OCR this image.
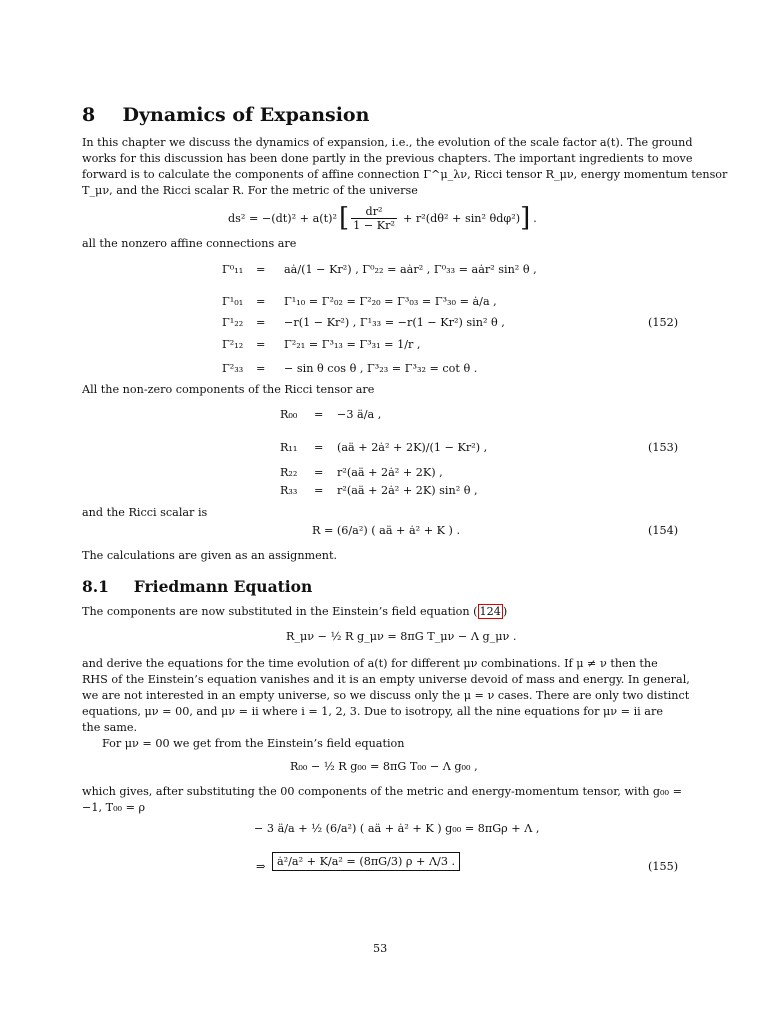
8 Dynamics of Expansion
In this chapter we discuss the dynamics of expansion, i.e., the evolution of the scale factor a(t). The ground
works for this discussion has been done partly in the previous chapters. The important ingredients to move
forward is to calculate the components of affine connection Γ^μ_λν, Ricci tensor R_μν, energy momentum tensor
T_μν, and the Ricci scalar R. For the metric of the universe
ds² = −(dt)² + a(t)² [ $\frac{\text{dr²}}{\text{1 − Kr²}} + r^2(d\theta^2 + \sin^2$ θdφ²) ] .
all the nonzero affine connections are
Γ⁰₁₁ = aȧ/(1 − Kr²) , Γ⁰₂₂ = aȧr² , Γ⁰₃₃ = aȧr² sin² θ ,
Γ¹₀₁ = Γ¹₁₀ = Γ²₀₂ = Γ²₂₀ = Γ³₀₃ = Γ³₃₀ = ȧ/a ,
Γ¹₂₂ = −r(1 − Kr²) , Γ¹₃₃ = −r(1 − Kr²) sin² θ ,	(152)
Γ²₁₂ = Γ²₂₁ = Γ³₁₃ = Γ³₃₁ = 1/r ,
Γ²₃₃ = − sin θ cos θ , Γ³₂₃ = Γ³₃₂ = cot θ .
All the non-zero components of the Ricci tensor are
R₀₀ = −3 ä/a ,
R₁₁ = (aä + 2ȧ² + 2K)/(1 − Kr²) ,	(153)
R₂₂ = r²(aä + 2ȧ² + 2K) ,
R₃₃ = r²(aä + 2ȧ² + 2K) sin² θ ,
and the Ricci scalar is
R = (6/a²) ( aä + ȧ² + K ) .	(154)
The calculations are given as an assignment.
8.1 Friedmann Equation
The components are now substituted in the Einstein’s field equation ( 124 )
R_μν − ½ R g_μν = 8πG T_μν − Λ g_μν .
and derive the equations for the time evolution of a(t) for different μν combinations. If μ ≠ ν then the
RHS of the Einstein’s equation vanishes and it is an empty universe devoid of mass and energy. In general,
we are not interested in an empty universe, so we discuss only the μ = ν cases. There are only two distinct
equations, μν = 00, and μν = ii where i = 1, 2, 3. Due to isotropy, all the nine equations for μν = ii are
the same.
For μν = 00 we get from the Einstein’s field equation
R₀₀ − ½ R g₀₀ = 8πG T₀₀ − Λ g₀₀ ,
which gives, after substituting the 00 components of the metric and energy-momentum tensor, with g₀₀ =
−1, T₀₀ = ρ
− 3 ä/a + ½ (6/a²) ( aä + ȧ² + K ) g₀₀ = 8πGρ + Λ ,
⇒	ȧ²/a² + K/a² = (8πG/3) ρ + Λ/3 .	(155)
53
